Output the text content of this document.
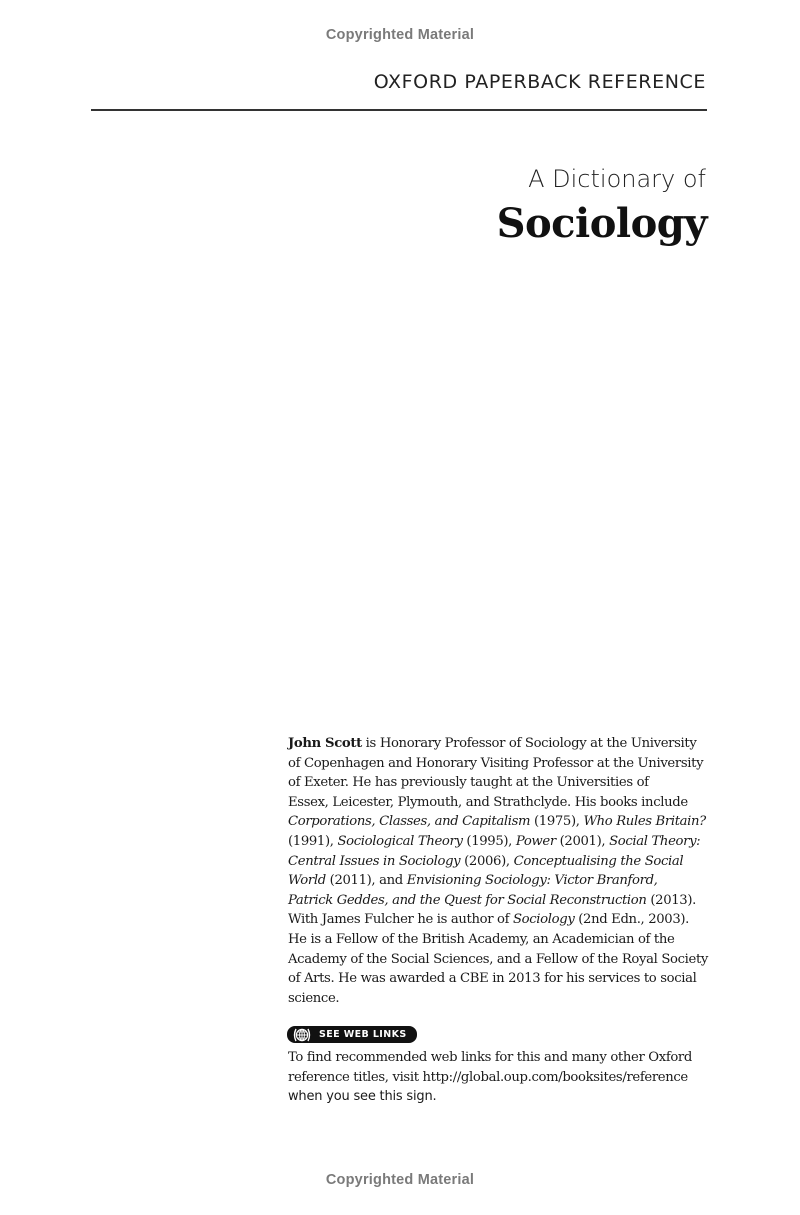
Copyrighted Material
OXFORD PAPERBACK REFERENCE
A Dictionary of
Sociology
John Scott is Honorary Professor of Sociology at the University
of Copenhagen and Honorary Visiting Professor at the University
of Exeter. He has previously taught at the Universities of
Essex, Leicester, Plymouth, and Strathclyde. His books include
Corporations, Classes, and Capitalism (1975), Who Rules Britain?
(1991), Sociological Theory (1995), Power (2001), Social Theory:
Central Issues in Sociology (2006), Conceptualising the Social
World (2011), and Envisioning Sociology: Victor Branford,
Patrick Geddes, and the Quest for Social Reconstruction (2013).
With James Fulcher he is author of Sociology (2nd Edn., 2003).
He is a Fellow of the British Academy, an Academician of the
Academy of the Social Sciences, and a Fellow of the Royal Society
of Arts. He was awarded a CBE in 2013 for his services to social
science.
SEE WEB LINKS
To find recommended web links for this and many other Oxford
reference titles, visit http://global.oup.com/booksites/reference
when you see this sign.
Copyrighted Material
